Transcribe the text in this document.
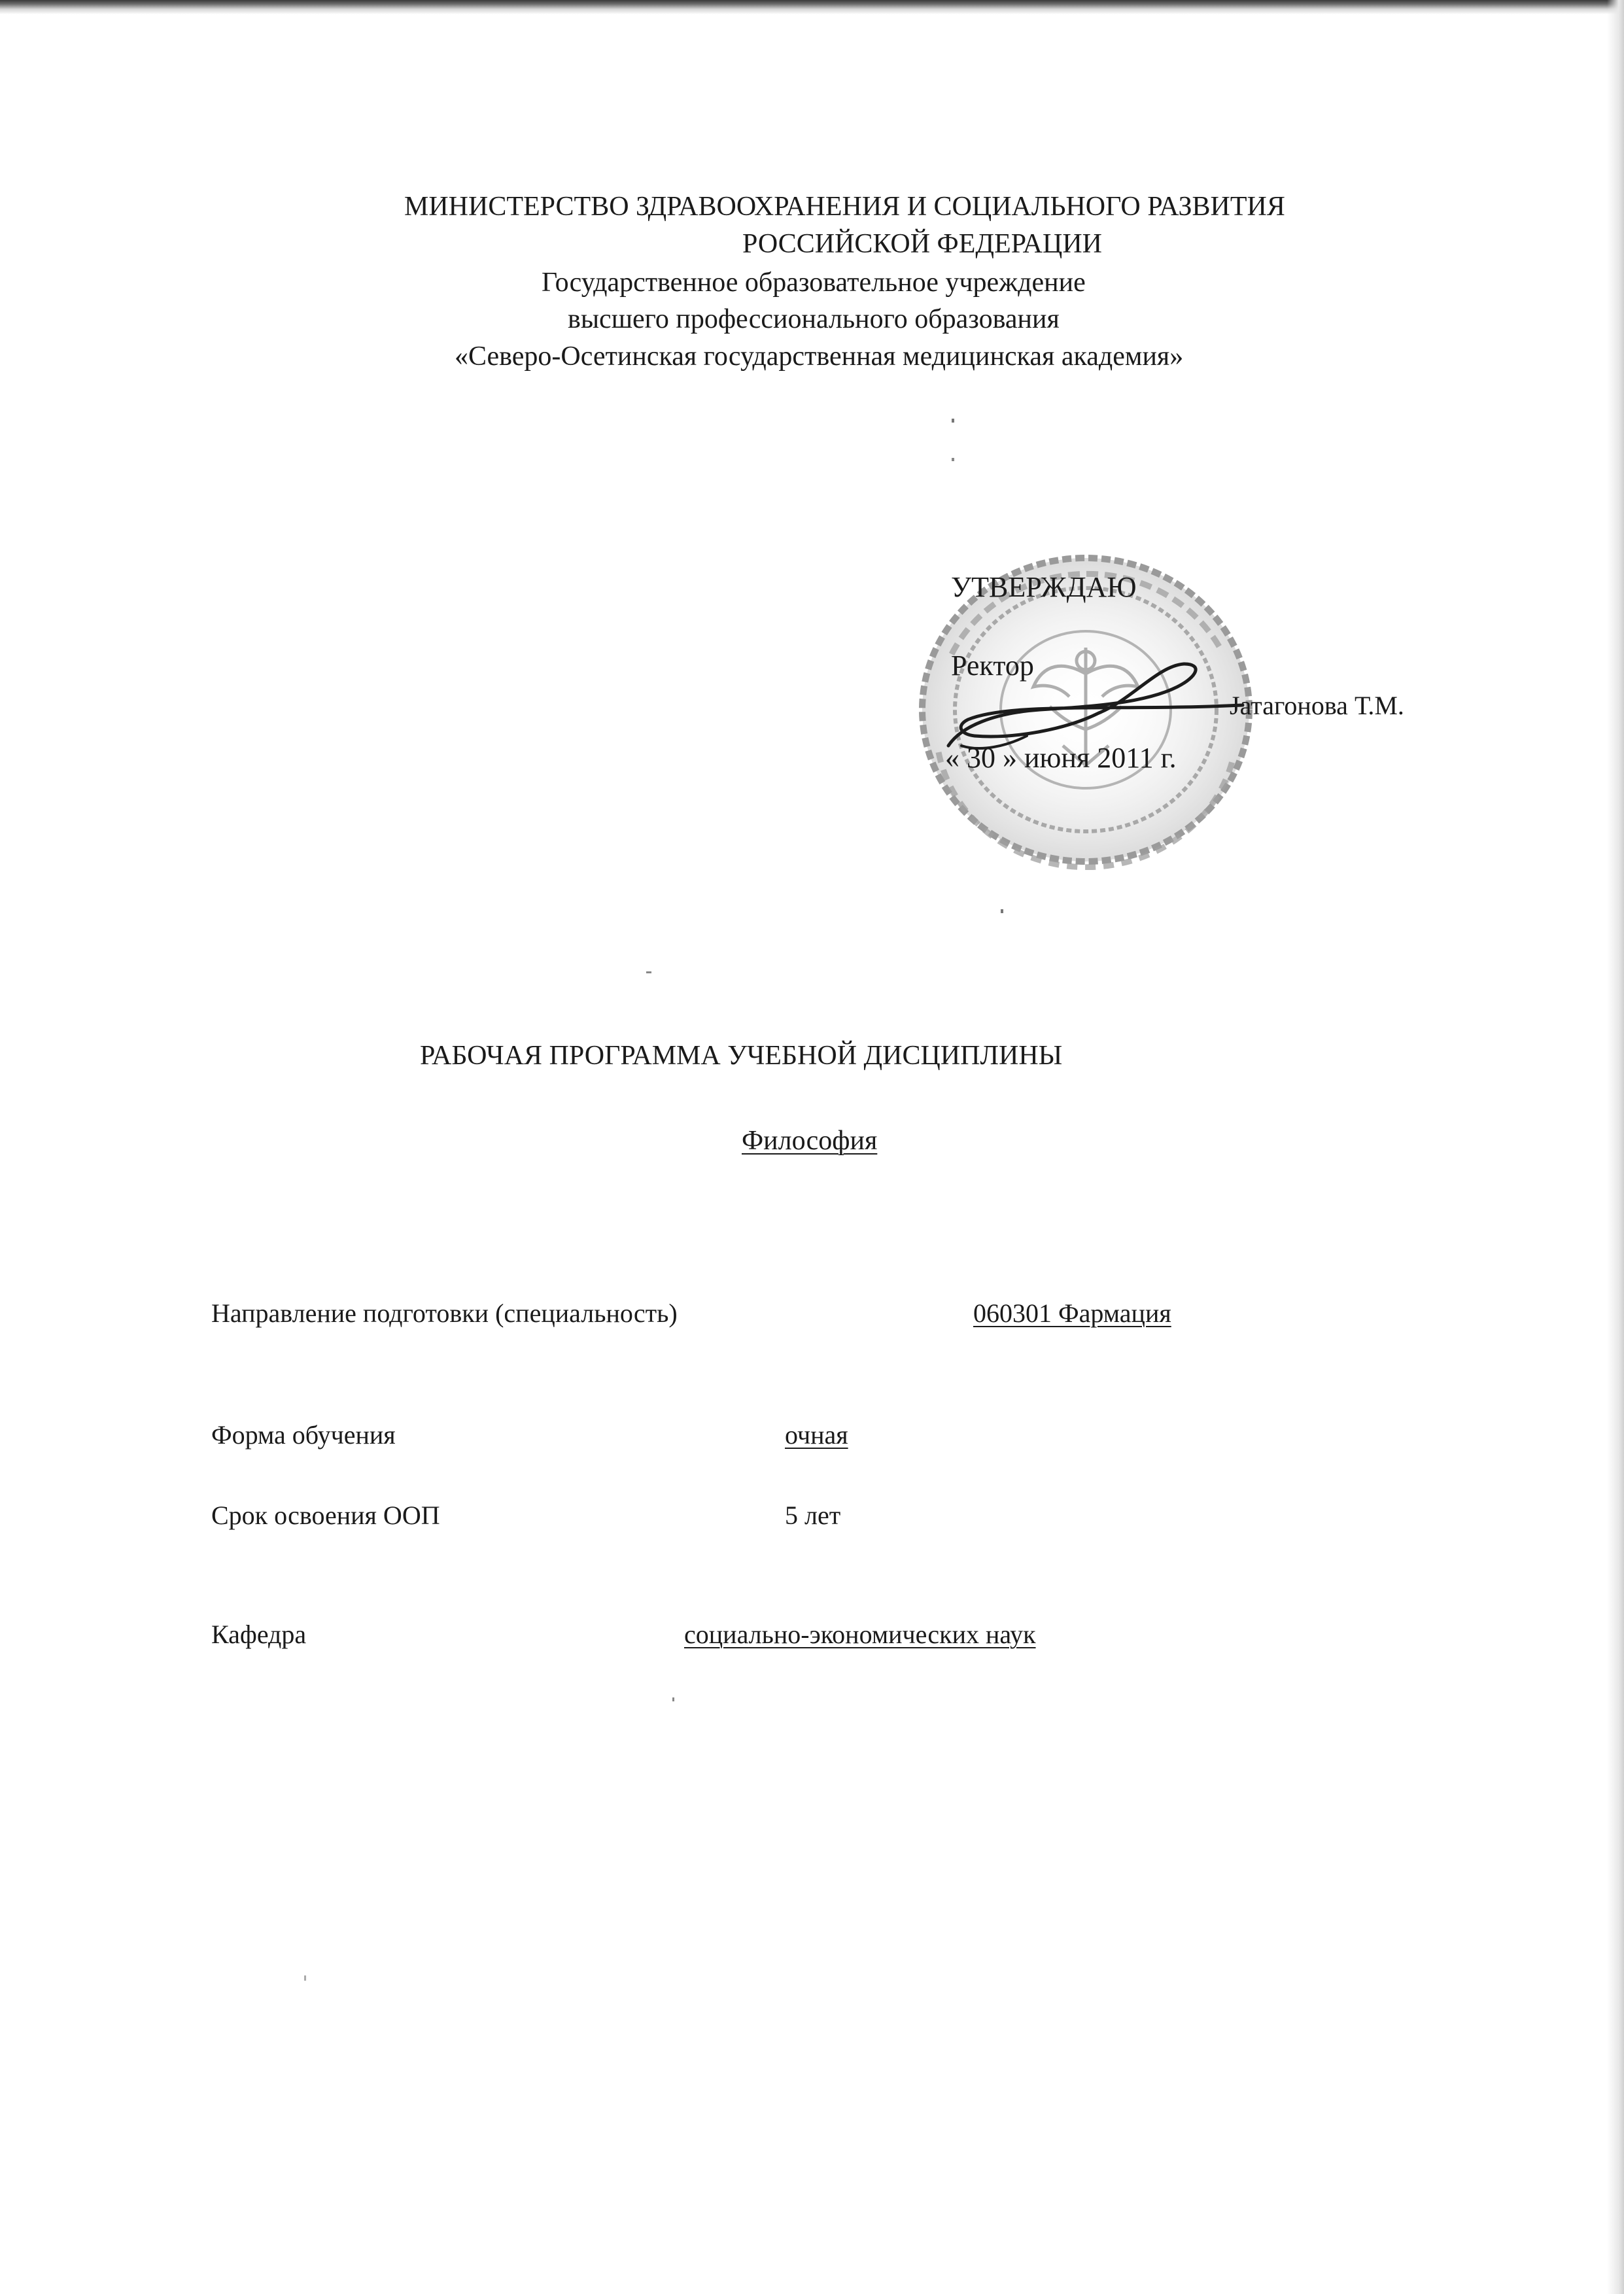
МИНИСТЕРСТВО ЗДРАВООХРАНЕНИЯ И СОЦИАЛЬНОГО РАЗВИТИЯ
РОССИЙСКОЙ ФЕДЕРАЦИИ
Государственное образовательное учреждение
высшего профессионального образования
«Северо-Осетинская государственная медицинская академия»
УТВЕРЖДАЮ
Ректор
Јатагонова Т.М.
« 30 » июня 2011 г.
РАБОЧАЯ ПРОГРАММА УЧЕБНОЙ ДИСЦИПЛИНЫ
Философия
Направление подготовки (специальность)	060301 Фармация
Форма обучения	очная
Срок освоения ООП	5 лет
Кафедра	социально-экономических наук
